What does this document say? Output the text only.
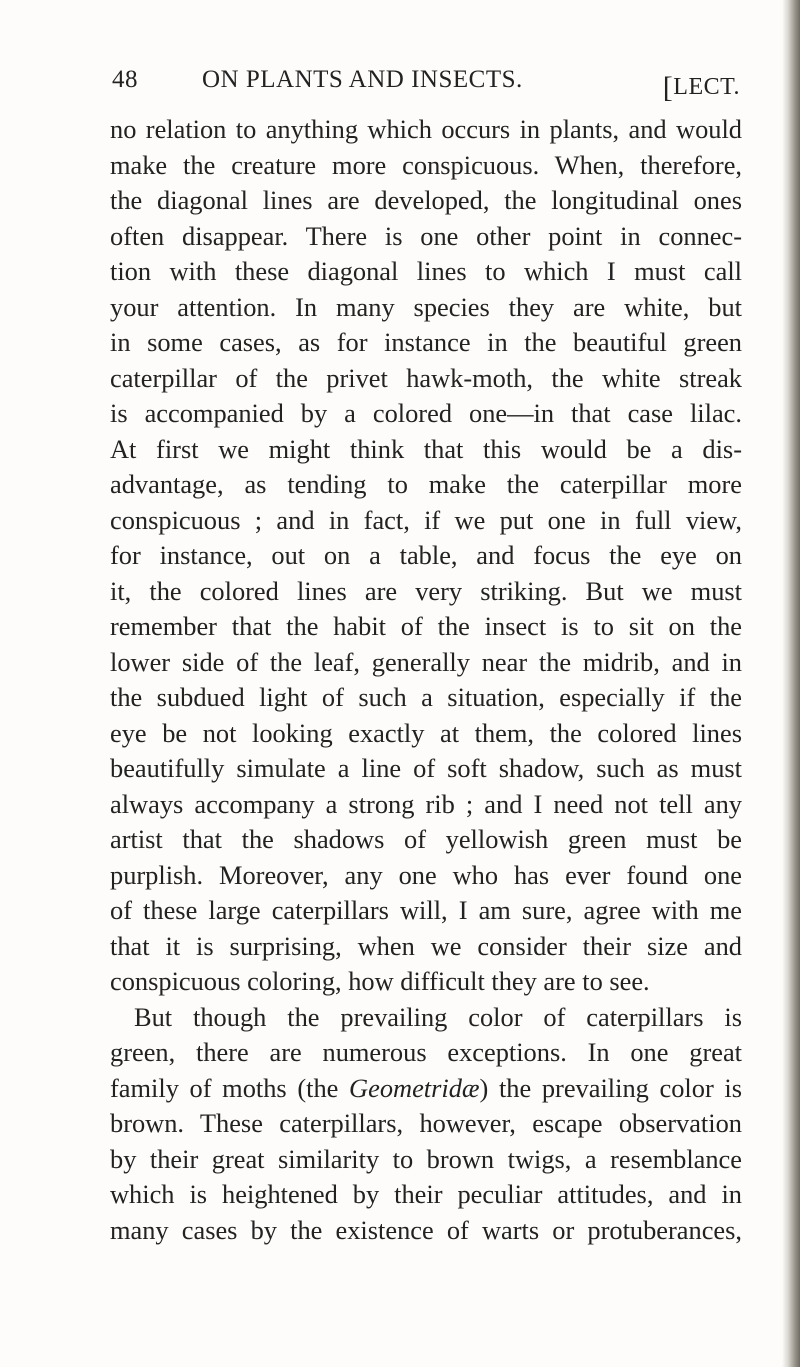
48	ON PLANTS AND INSECTS.	[LECT.
no relation to anything which occurs in plants, and would
make the creature more conspicuous. When, therefore,
the diagonal lines are developed, the longitudinal ones
often disappear. There is one other point in connec-
tion with these diagonal lines to which I must call
your attention. In many species they are white, but
in some cases, as for instance in the beautiful green
caterpillar of the privet hawk-moth, the white streak
is accompanied by a colored one—in that case lilac.
At first we might think that this would be a dis-
advantage, as tending to make the caterpillar more
conspicuous ; and in fact, if we put one in full view,
for instance, out on a table, and focus the eye on
it, the colored lines are very striking. But we must
remember that the habit of the insect is to sit on the
lower side of the leaf, generally near the midrib, and in
the subdued light of such a situation, especially if the
eye be not looking exactly at them, the colored lines
beautifully simulate a line of soft shadow, such as must
always accompany a strong rib ; and I need not tell any
artist that the shadows of yellowish green must be
purplish. Moreover, any one who has ever found one
of these large caterpillars will, I am sure, agree with me
that it is surprising, when we consider their size and
conspicuous coloring, how difficult they are to see.
But though the prevailing color of caterpillars is
green, there are numerous exceptions. In one great
family of moths (the Geometridæ) the prevailing color is
brown. These caterpillars, however, escape observation
by their great similarity to brown twigs, a resemblance
which is heightened by their peculiar attitudes, and in
many cases by the existence of warts or protuberances,
